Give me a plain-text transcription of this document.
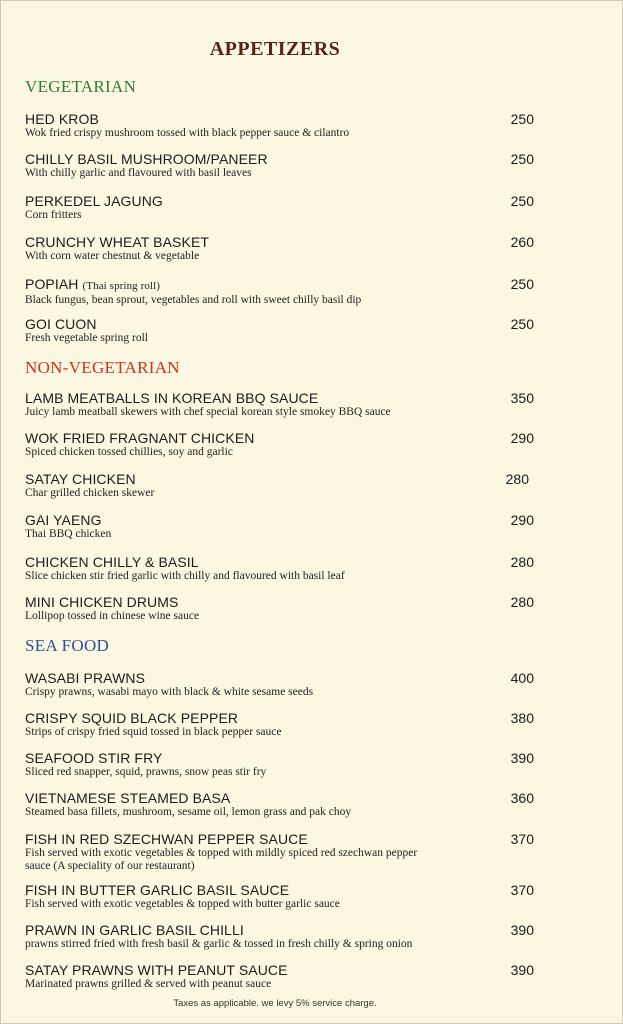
APPETIZERS
VEGETARIAN
HED KROB
Wok fried crispy mushroom tossed with black pepper sauce & cilantro
250
CHILLY BASIL MUSHROOM/PANEER
With chilly garlic and flavoured with basil leaves
250
PERKEDEL JAGUNG
Corn fritters
250
CRUNCHY WHEAT BASKET
With corn water chestnut & vegetable
260
POPIAH (Thai spring roll)
Black fungus, bean sprout, vegetables and roll with sweet chilly basil dip
250
GOI CUON
Fresh vegetable spring roll
250
NON-VEGETARIAN
LAMB MEATBALLS IN KOREAN BBQ SAUCE
Juicy lamb meatball skewers with chef special korean style smokey BBQ sauce
350
WOK FRIED FRAGNANT CHICKEN
Spiced chicken tossed chillies, soy and garlic
290
SATAY CHICKEN
Char grilled chicken skewer
280
GAI YAENG
Thai BBQ chicken
290
CHICKEN CHILLY & BASIL
Slice chicken stir fried garlic with chilly and flavoured with basil leaf
280
MINI CHICKEN DRUMS
Lollipop tossed in chinese wine sauce
280
SEA FOOD
WASABI PRAWNS
Crispy prawns, wasabi mayo with black & white sesame seeds
400
CRISPY SQUID BLACK PEPPER
Strips of crispy fried squid tossed in black pepper sauce
380
SEAFOOD STIR FRY
Sliced red snapper, squid, prawns, snow peas stir fry
390
VIETNAMESE STEAMED BASA
Steamed basa fillets, mushroom, sesame oil, lemon grass and pak choy
360
FISH IN RED SZECHWAN PEPPER SAUCE
Fish served with exotic vegetables & topped with mildly spiced red szechwan pepper sauce (A speciality of our restaurant)
370
FISH IN BUTTER GARLIC BASIL SAUCE
Fish served with exotic vegetables & topped with butter garlic sauce
370
PRAWN IN GARLIC BASIL CHILLI
prawns stirred fried with fresh basil & garlic & tossed in fresh chilly & spring onion
390
SATAY PRAWNS WITH PEANUT SAUCE
Marinated prawns grilled & served with peanut sauce
390
Taxes as applicable. we levy 5% service charge.
